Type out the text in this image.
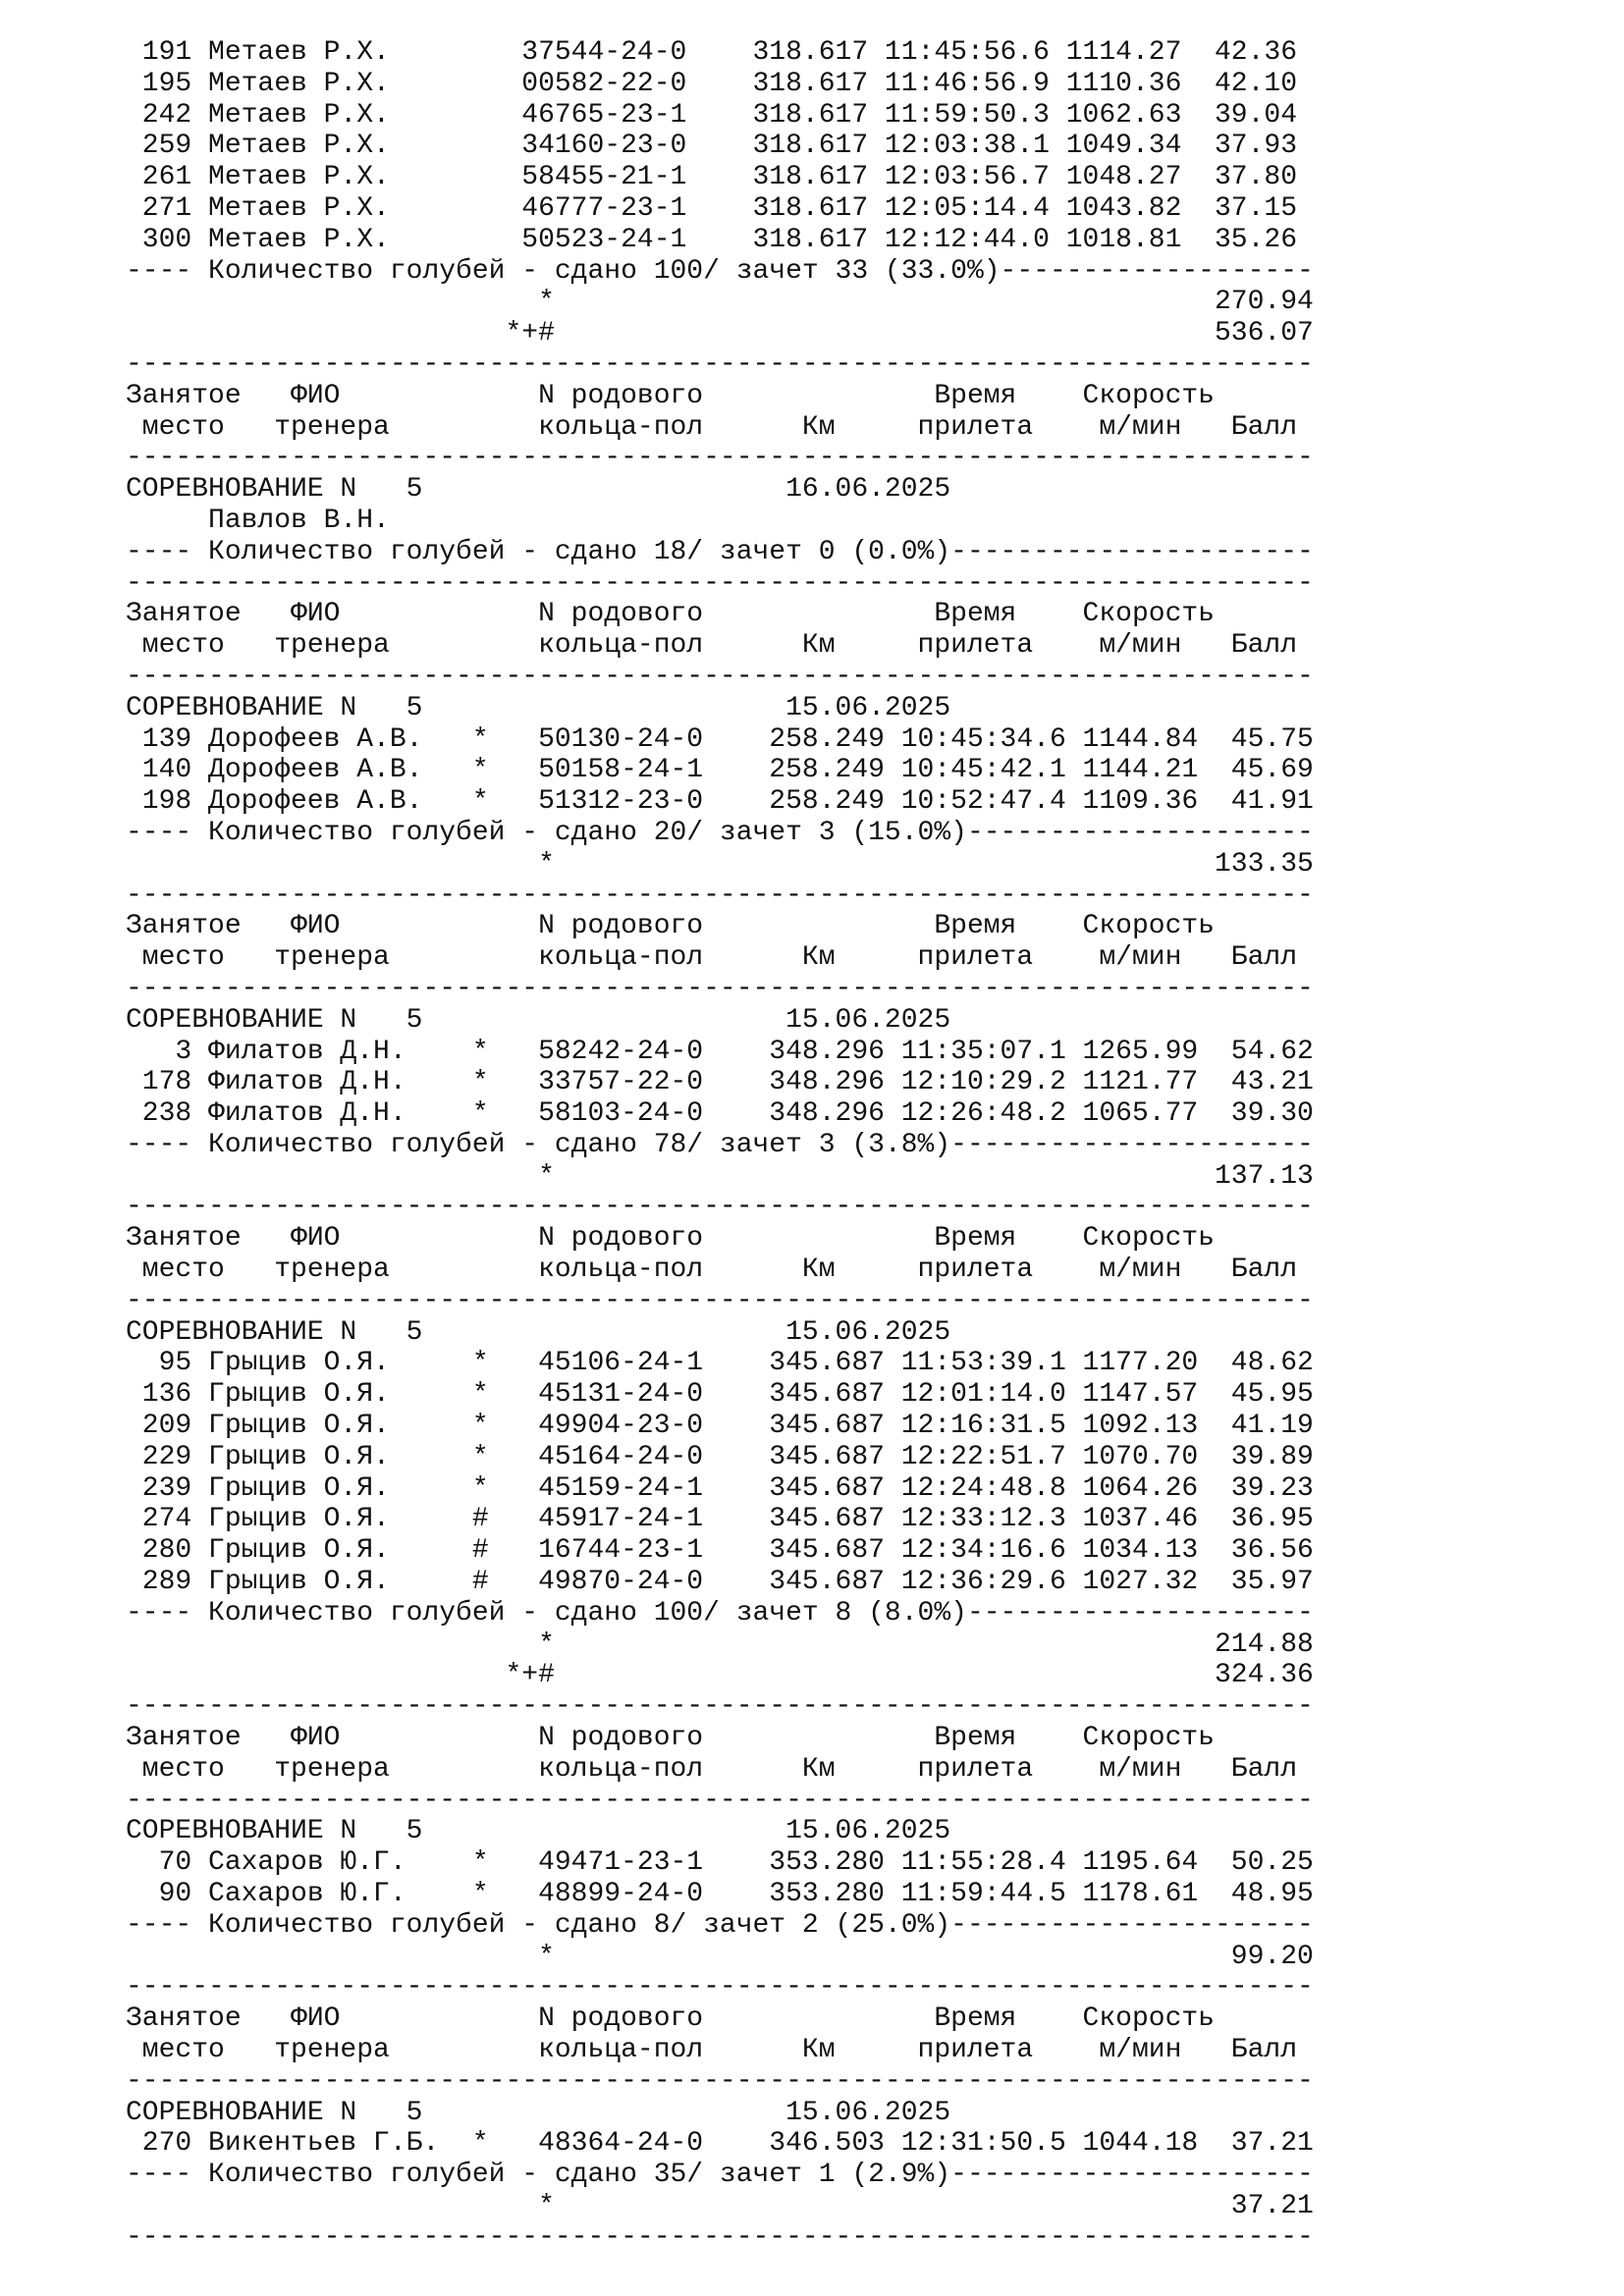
191 Метаев Р.Х.        37544-24-0    318.617 11:45:56.6 1114.27  42.36
195 Метаев Р.Х.        00582-22-0    318.617 11:46:56.9 1110.36  42.10
242 Метаев Р.Х.        46765-23-1    318.617 11:59:50.3 1062.63  39.04
259 Метаев Р.Х.        34160-23-0    318.617 12:03:38.1 1049.34  37.93
261 Метаев Р.Х.        58455-21-1    318.617 12:03:56.7 1048.27  37.80
271 Метаев Р.Х.        46777-23-1    318.617 12:05:14.4 1043.82  37.15
300 Метаев Р.Х.        50523-24-1    318.617 12:12:44.0 1018.81  35.26
---- Количество голубей - сдано 100/ зачет 33 (33.0%)-------------------
*                                        270.94
*+#                                        536.07
------------------------------------------------------------------------
Занятое   ФИО            N родового              Время    Скорость
место   тренера         кольца-пол      Км     прилета    м/мин   Балл
------------------------------------------------------------------------
СОРЕВНОВАНИЕ N   5                      16.06.2025
Павлов В.Н.
---- Количество голубей - сдано 18/ зачет 0 (0.0%)----------------------
------------------------------------------------------------------------
Занятое   ФИО            N родового              Время    Скорость
место   тренера         кольца-пол      Км     прилета    м/мин   Балл
------------------------------------------------------------------------
СОРЕВНОВАНИЕ N   5                      15.06.2025
139 Дорофеев А.В.   *   50130-24-0    258.249 10:45:34.6 1144.84  45.75
140 Дорофеев А.В.   *   50158-24-1    258.249 10:45:42.1 1144.21  45.69
198 Дорофеев А.В.   *   51312-23-0    258.249 10:52:47.4 1109.36  41.91
---- Количество голубей - сдано 20/ зачет 3 (15.0%)---------------------
*                                        133.35
------------------------------------------------------------------------
Занятое   ФИО            N родового              Время    Скорость
место   тренера         кольца-пол      Км     прилета    м/мин   Балл
------------------------------------------------------------------------
СОРЕВНОВАНИЕ N   5                      15.06.2025
3 Филатов Д.Н.    *   58242-24-0    348.296 11:35:07.1 1265.99  54.62
178 Филатов Д.Н.    *   33757-22-0    348.296 12:10:29.2 1121.77  43.21
238 Филатов Д.Н.    *   58103-24-0    348.296 12:26:48.2 1065.77  39.30
---- Количество голубей - сдано 78/ зачет 3 (3.8%)----------------------
*                                        137.13
------------------------------------------------------------------------
Занятое   ФИО            N родового              Время    Скорость
место   тренера         кольца-пол      Км     прилета    м/мин   Балл
------------------------------------------------------------------------
СОРЕВНОВАНИЕ N   5                      15.06.2025
95 Грыцив О.Я.     *   45106-24-1    345.687 11:53:39.1 1177.20  48.62
136 Грыцив О.Я.     *   45131-24-0    345.687 12:01:14.0 1147.57  45.95
209 Грыцив О.Я.     *   49904-23-0    345.687 12:16:31.5 1092.13  41.19
229 Грыцив О.Я.     *   45164-24-0    345.687 12:22:51.7 1070.70  39.89
239 Грыцив О.Я.     *   45159-24-1    345.687 12:24:48.8 1064.26  39.23
274 Грыцив О.Я.     #   45917-24-1    345.687 12:33:12.3 1037.46  36.95
280 Грыцив О.Я.     #   16744-23-1    345.687 12:34:16.6 1034.13  36.56
289 Грыцив О.Я.     #   49870-24-0    345.687 12:36:29.6 1027.32  35.97
---- Количество голубей - сдано 100/ зачет 8 (8.0%)---------------------
*                                        214.88
*+#                                        324.36
------------------------------------------------------------------------
Занятое   ФИО            N родового              Время    Скорость
место   тренера         кольца-пол      Км     прилета    м/мин   Балл
------------------------------------------------------------------------
СОРЕВНОВАНИЕ N   5                      15.06.2025
70 Сахаров Ю.Г.    *   49471-23-1    353.280 11:55:28.4 1195.64  50.25
90 Сахаров Ю.Г.    *   48899-24-0    353.280 11:59:44.5 1178.61  48.95
---- Количество голубей - сдано 8/ зачет 2 (25.0%)----------------------
*                                         99.20
------------------------------------------------------------------------
Занятое   ФИО            N родового              Время    Скорость
место   тренера         кольца-пол      Км     прилета    м/мин   Балл
------------------------------------------------------------------------
СОРЕВНОВАНИЕ N   5                      15.06.2025
270 Викентьев Г.Б.  *   48364-24-0    346.503 12:31:50.5 1044.18  37.21
---- Количество голубей - сдано 35/ зачет 1 (2.9%)----------------------
*                                         37.21
------------------------------------------------------------------------
